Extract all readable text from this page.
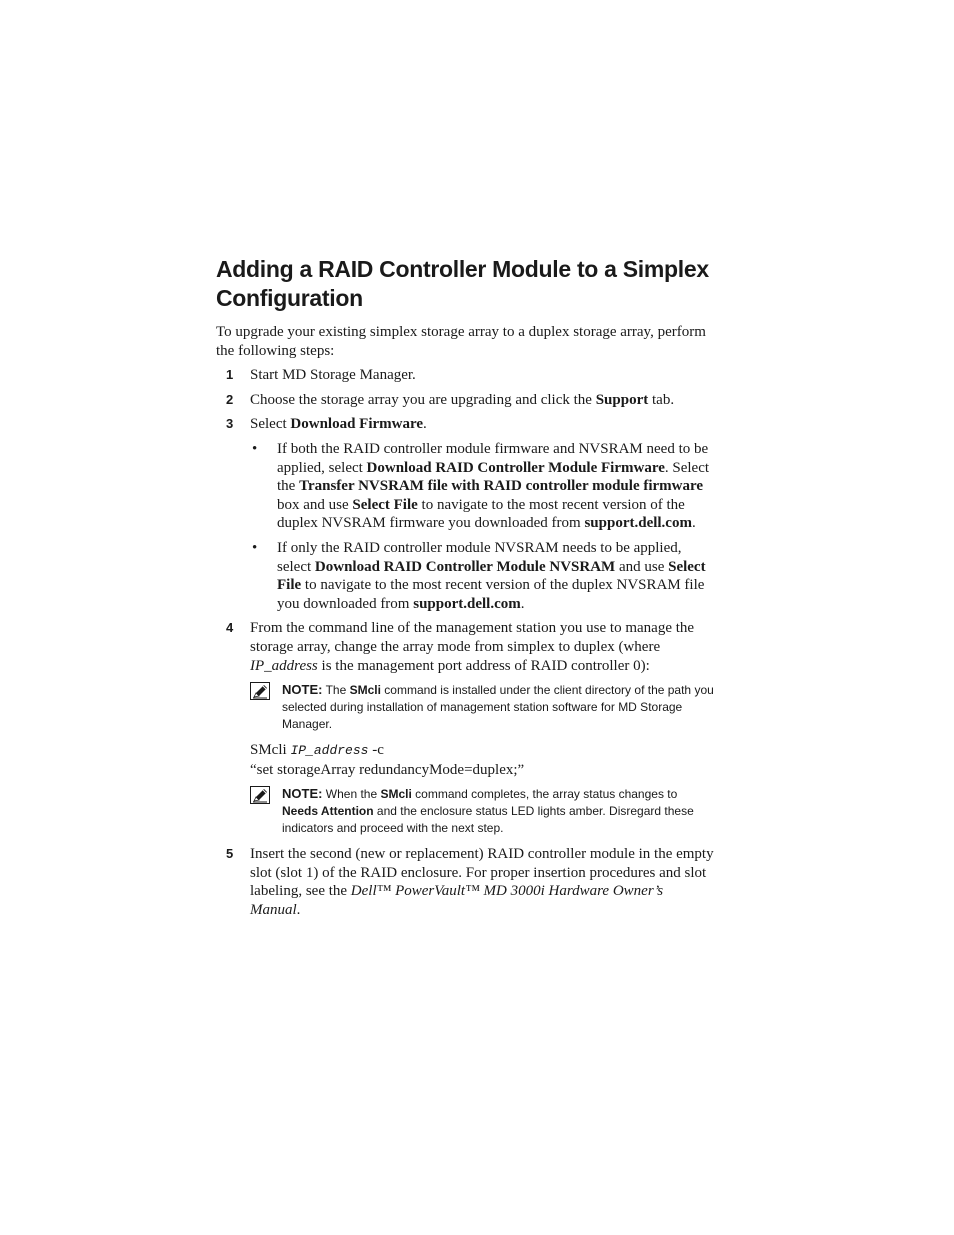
Adding a RAID Controller Module to a Simplex
Configuration

To upgrade your existing simplex storage array to a duplex storage array, perform the following steps:

1 Start MD Storage Manager.
2 Choose the storage array you are upgrading and click the Support tab.
3 Select Download Firmware.
• If both the RAID controller module firmware and NVSRAM need to be applied, select Download RAID Controller Module Firmware. Select the Transfer NVSRAM file with RAID controller module firmware box and use Select File to navigate to the most recent version of the duplex NVSRAM firmware you downloaded from support.dell.com.
• If only the RAID controller module NVSRAM needs to be applied, select Download RAID Controller Module NVSRAM and use Select File to navigate to the most recent version of the duplex NVSRAM file you downloaded from support.dell.com.
4 From the command line of the management station you use to manage the storage array, change the array mode from simplex to duplex (where IP_address is the management port address of RAID controller 0):
NOTE: The SMcli command is installed under the client directory of the path you selected during installation of management station software for MD Storage Manager.
SMcli IP_address -c
“set storageArray redundancyMode=duplex;”
NOTE: When the SMcli command completes, the array status changes to Needs Attention and the enclosure status LED lights amber. Disregard these indicators and proceed with the next step.
5 Insert the second (new or replacement) RAID controller module in the empty slot (slot 1) of the RAID enclosure. For proper insertion procedures and slot labeling, see the Dell™ PowerVault™ MD 3000i Hardware Owner’s Manual.
